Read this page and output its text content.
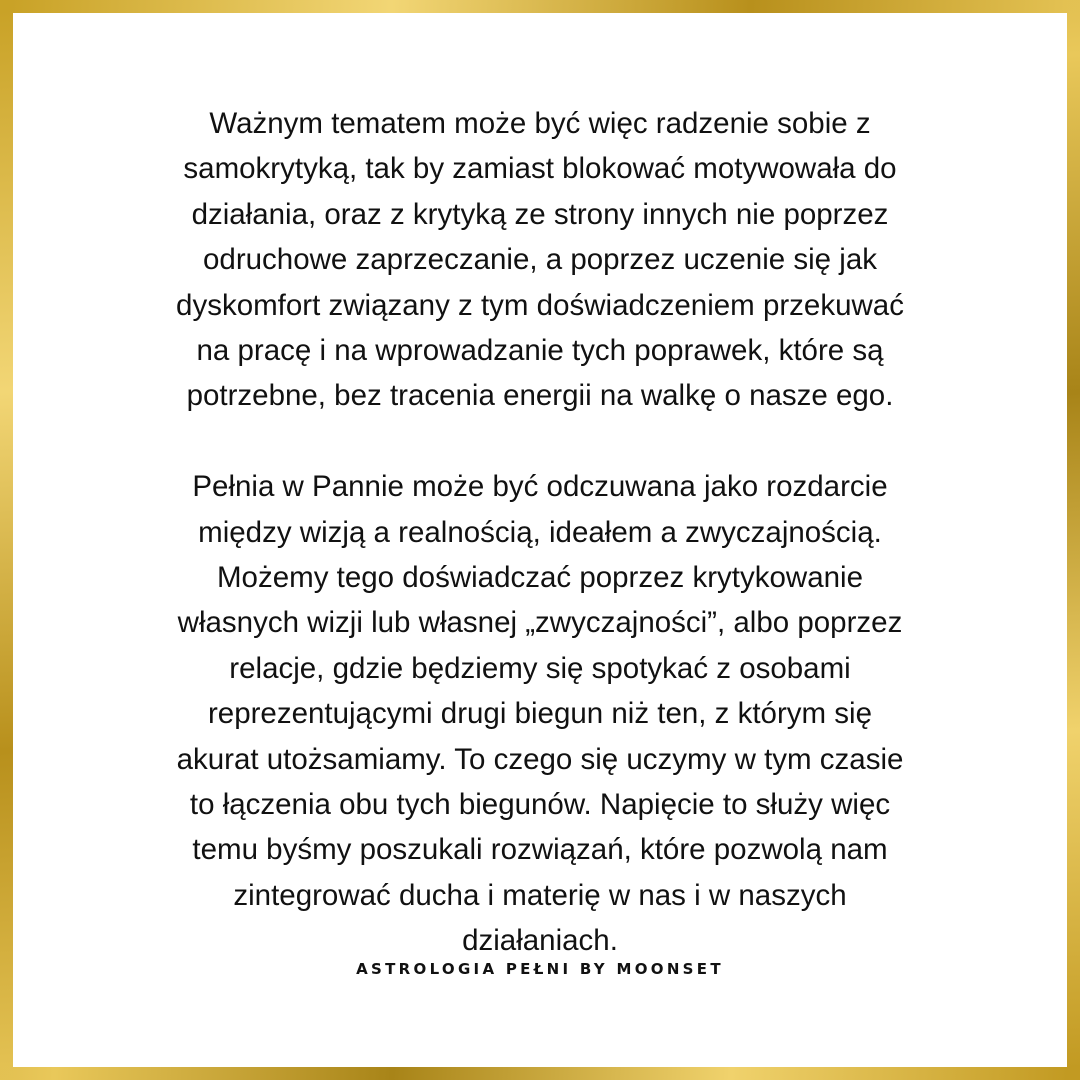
Ważnym tematem może być więc radzenie sobie z
samokrytyką, tak by zamiast blokować motywowała do
działania, oraz z krytyką ze strony innych nie poprzez
odruchowe zaprzeczanie, a poprzez uczenie się jak
dyskomfort związany z tym doświadczeniem przekuwać
na pracę i na wprowadzanie tych poprawek, które są
potrzebne, bez tracenia energii na walkę o nasze ego.

Pełnia w Pannie może być odczuwana jako rozdarcie
między wizją a realnością, ideałem a zwyczajnością.
Możemy tego doświadczać poprzez krytykowanie
własnych wizji lub własnej „zwyczajności”, albo poprzez
relacje, gdzie będziemy się spotykać z osobami
reprezentującymi drugi biegun niż ten, z którym się
akurat utożsamiamy. To czego się uczymy w tym czasie
to łączenia obu tych biegunów. Napięcie to służy więc
temu byśmy poszukali rozwiązań, które pozwolą nam
zintegrować ducha i materię w nas i w naszych
działaniach.

ASTROLOGIA PEŁNI BY MOONSET
